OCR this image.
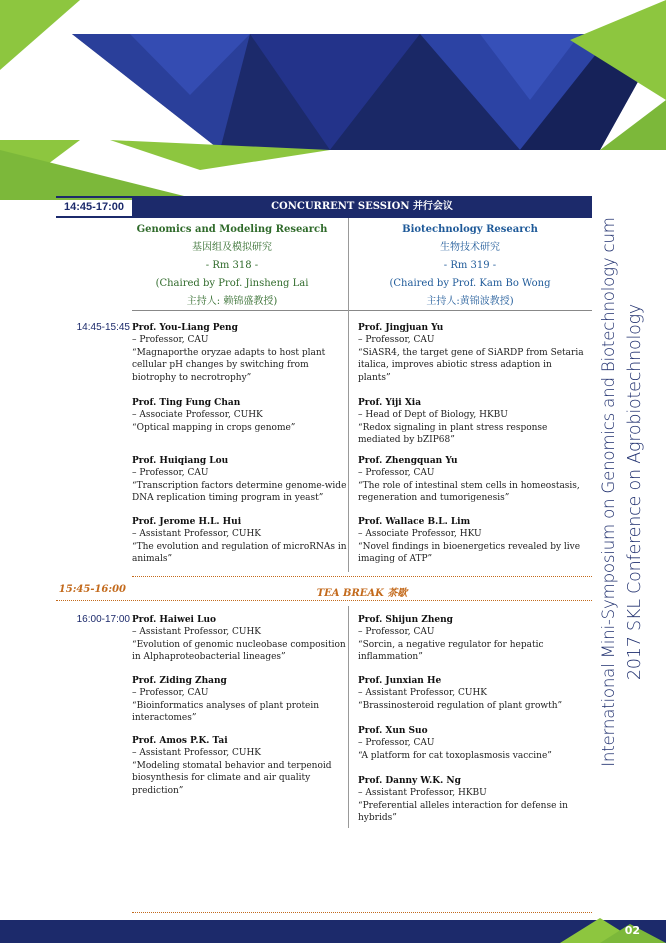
International Mini-Symposium on Genomics and Biotechnology cum 2017 SKL Conference on Agrobiotechnology
14:45-17:00	CONCURRENT SESSION 并行会议
Genomics and Modeling Research
基因组及模拟研究
- Rm 318 -
(Chaired by Prof. Jinsheng Lai
主持人: 赖锦盛教授)
Biotechnology Research
生物技术研究
- Rm 319 -
(Chaired by Prof. Kam Bo Wong
主持人:黄锦波教授)
14:45-15:45 Prof. You-Liang Peng
– Professor, CAU
“Magnaporthe oryzae adapts to host plant cellular pH changes by switching from biotrophy to necrotrophy”
Prof. Ting Fung Chan
– Associate Professor, CUHK
“Optical mapping in crops genome”
Prof. Huiqiang Lou
– Professor, CAU
“Transcription factors determine genome-wide DNA replication timing program in yeast”
Prof. Jerome H.L. Hui
– Assistant Professor, CUHK
“The evolution and regulation of microRNAs in animals”
Prof. Jingjuan Yu
– Professor, CAU
“SiASR4, the target gene of SiARDP from Setaria italica, improves abiotic stress adaption in plants”
Prof. Yiji Xia
– Head of Dept of Biology, HKBU
“Redox signaling in plant stress response mediated by bZIP68”
Prof. Zhengquan Yu
– Professor, CAU
“The role of intestinal stem cells in homeostasis, regeneration and tumorigenesis”
Prof. Wallace B.L. Lim
– Associate Professor, HKU
“Novel findings in bioenergetics revealed by live imaging of ATP”
15:45-16:00	TEA BREAK 茶歇
16:00-17:00 Prof. Haiwei Luo
– Assistant Professor, CUHK
“Evolution of genomic nucleobase composition in Alphaproteobacterial lineages”
Prof. Ziding Zhang
– Professor, CAU
“Bioinformatics analyses of plant protein interactomes”
Prof. Amos P.K. Tai
– Assistant Professor, CUHK
“Modeling stomatal behavior and terpenoid biosynthesis for climate and air quality prediction”
Prof. Shijun Zheng
– Professor, CAU
“Sorcin, a negative regulator for hepatic inflammation”
Prof. Junxian He
– Assistant Professor, CUHK
“Brassinosteroid regulation of plant growth”
Prof. Xun Suo
– Professor, CAU
“A platform for cat toxoplasmosis vaccine”
Prof. Danny W.K. Ng
– Assistant Professor, HKBU
“Preferential alleles interaction for defense in hybrids”
02
